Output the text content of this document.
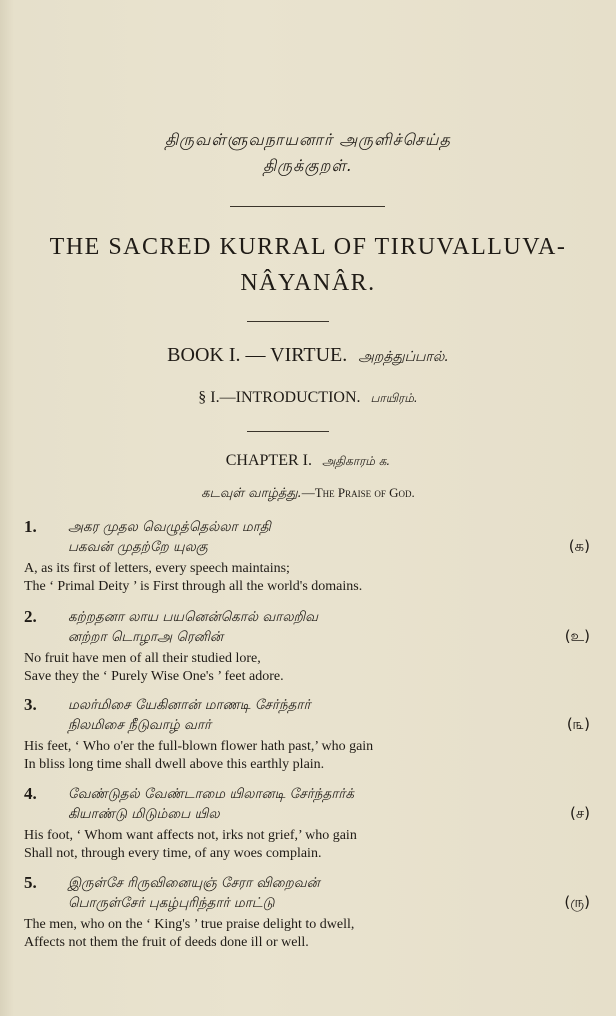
திருவள்ளுவநாயனார் அருளிச்செய்த
திருக்குறள்.
THE SACRED KURRAL OF TIRUVALLUVA-
NÂYANÂR.
BOOK I. — VIRTUE. அறத்துப்பால்.
§ I.—INTRODUCTION. பாயிரம்.
CHAPTER I. அதிகாரம் க.
கடவுள் வாழ்த்து.—The Praise of God.
1. அகர முதல வெழுத்தெல்லா மாதி
பகவன் முதற்றே யுலகு	(க)
A, as its first of letters, every speech maintains;
The ‘ Primal Deity ’ is First through all the world's domains.
2. கற்றதனா லாய பயனென்கொல் வாலறிவ
னற்றா டொழாஅ ரெனின்	(உ)
No fruit have men of all their studied lore,
Save they the ‘ Purely Wise One's ’ feet adore.
3. மலர்மிசை யேகினான் மாணடி சேர்ந்தார்
நிலமிசை நீடுவாழ் வார்	(௩)
His feet, ‘ Who o'er the full-blown flower hath past,’ who gain
In bliss long time shall dwell above this earthly plain.
4. வேண்டுதல் வேண்டாமை யிலானடி சேர்ந்தார்க்
கியாண்டு மிடும்பை யில	(ச)
His foot, ‘ Whom want affects not, irks not grief,’ who gain
Shall not, through every time, of any woes complain.
5. இருள்சே ரிருவினையுஞ் சேரா விறைவன்
பொருள்சேர் புகழ்புரிந்தார் மாட்டு	(ரு)
The men, who on the ‘ King's ’ true praise delight to dwell,
Affects not them the fruit of deeds done ill or well.
